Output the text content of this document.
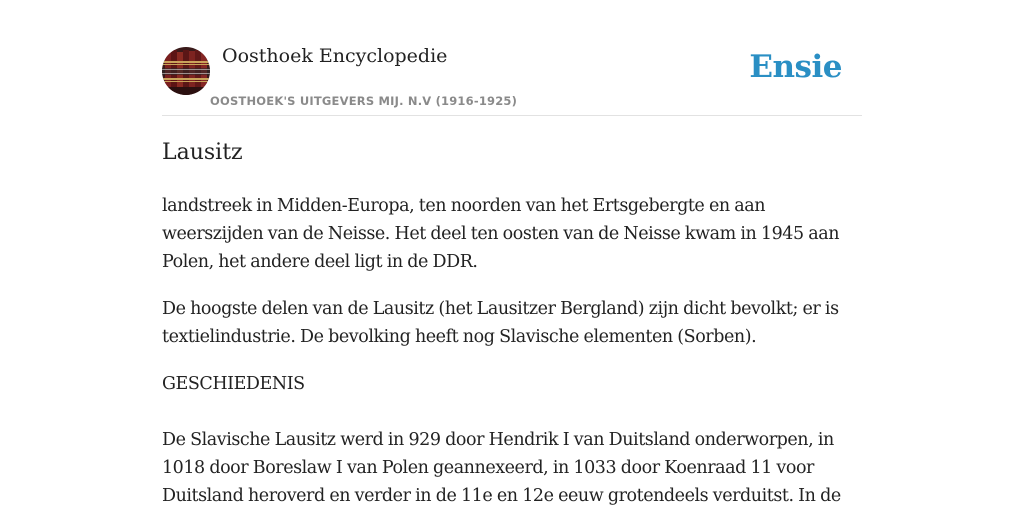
Oosthoek Encyclopedie
OOSTHOEK'S UITGEVERS MIJ. N.V (1916-1925)
Ensie
Lausitz

landstreek in Midden-Europa, ten noorden van het Ertsgebergte en aan weerszijden van de Neisse. Het deel ten oosten van de Neisse kwam in 1945 aan Polen, het andere deel ligt in de DDR.

De hoogste delen van de Lausitz (het Lausitzer Bergland) zijn dicht bevolkt; er is textielindustrie. De bevolking heeft nog Slavische elementen (Sorben).

GESCHIEDENIS

De Slavische Lausitz werd in 929 door Hendrik I van Duitsland onderworpen, in 1018 door Boreslaw I van Polen geannexeerd, in 1033 door Koenraad 11 voor Duitsland heroverd en verder in de 11e en 12e eeuw grotendeels verduitst. In de
